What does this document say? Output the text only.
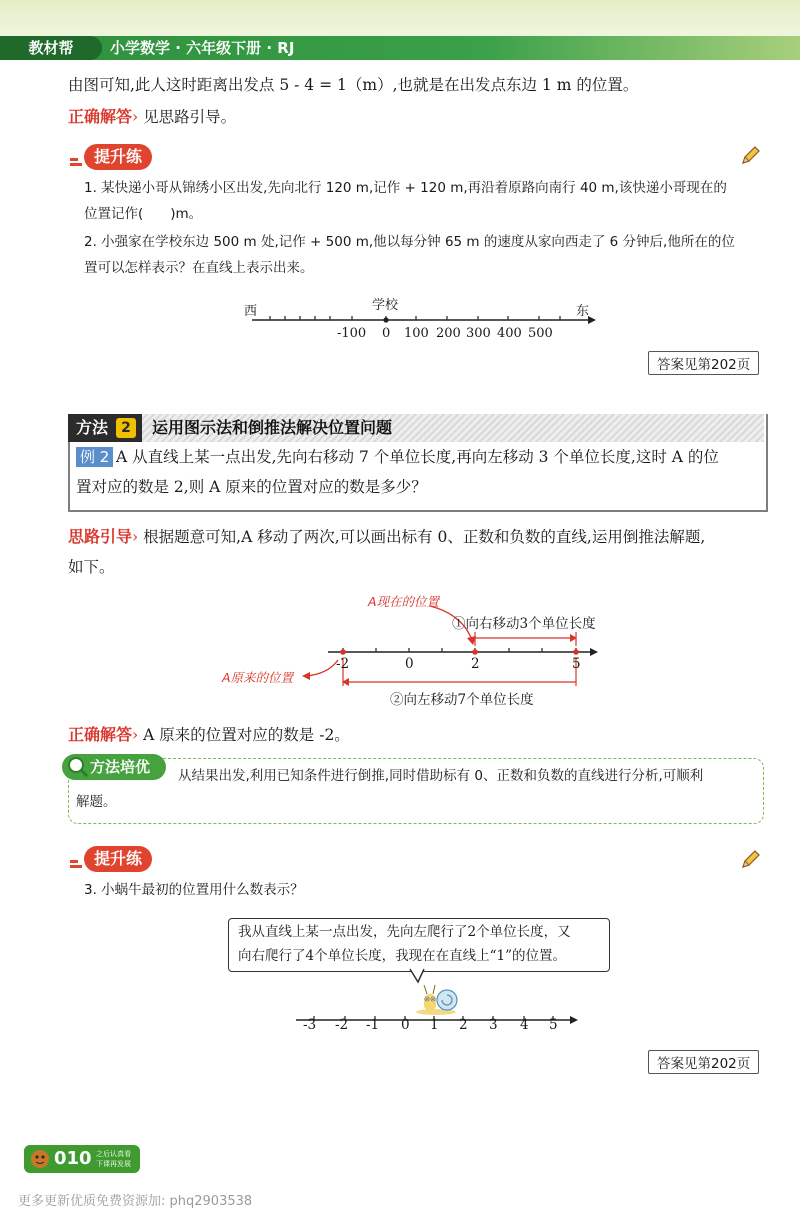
教材帮	小学数学 · 六年级下册 · RJ
由图可知,此人这时距离出发点 5 - 4 = 1（m）,也就是在出发点东边 1 m 的位置。
正确解答› 见思路引导。
提升练
1. 某快递小哥从锦绣小区出发,先向北行 120 m,记作 + 120 m,再沿着原路向南行 40 m,该快递小哥现在的
位置记作(　　)m。
2. 小强家在学校东边 500 m 处,记作 + 500 m,他以每分钟 65 m 的速度从家向西走了 6 分钟后,他所在的位
置可以怎样表示？在直线上表示出来。
西	学校	东
-100 0 100 200 300 400 500
答案见第202页
方法 2	运用图示法和倒推法解决位置问题
例 2 A 从直线上某一点出发,先向右移动 7 个单位长度,再向左移动 3 个单位长度,这时 A 的位
置对应的数是 2,则 A 原来的位置对应的数是多少？
思路引导› 根据题意可知,A 移动了两次,可以画出标有 0、正数和负数的直线,运用倒推法解题,
如下。
A现在的位置
①向右移动3个单位长度
A原来的位置
-2	0	2	5
②向左移动7个单位长度
正确解答› A 原来的位置对应的数是 -2。
方法培优	从结果出发,利用已知条件进行倒推,同时借助标有 0、正数和负数的直线进行分析,可顺利
解题。
提升练
3. 小蜗牛最初的位置用什么数表示？
我从直线上某一点出发，先向左爬行了2个单位长度，又
向右爬行了4个单位长度，我现在在直线上“1”的位置。
-3 -2 -1 0 1 2 3 4 5
答案见第202页
010 之后认真看
下课再发展
更多更新优质免费资源加: phq2903538
